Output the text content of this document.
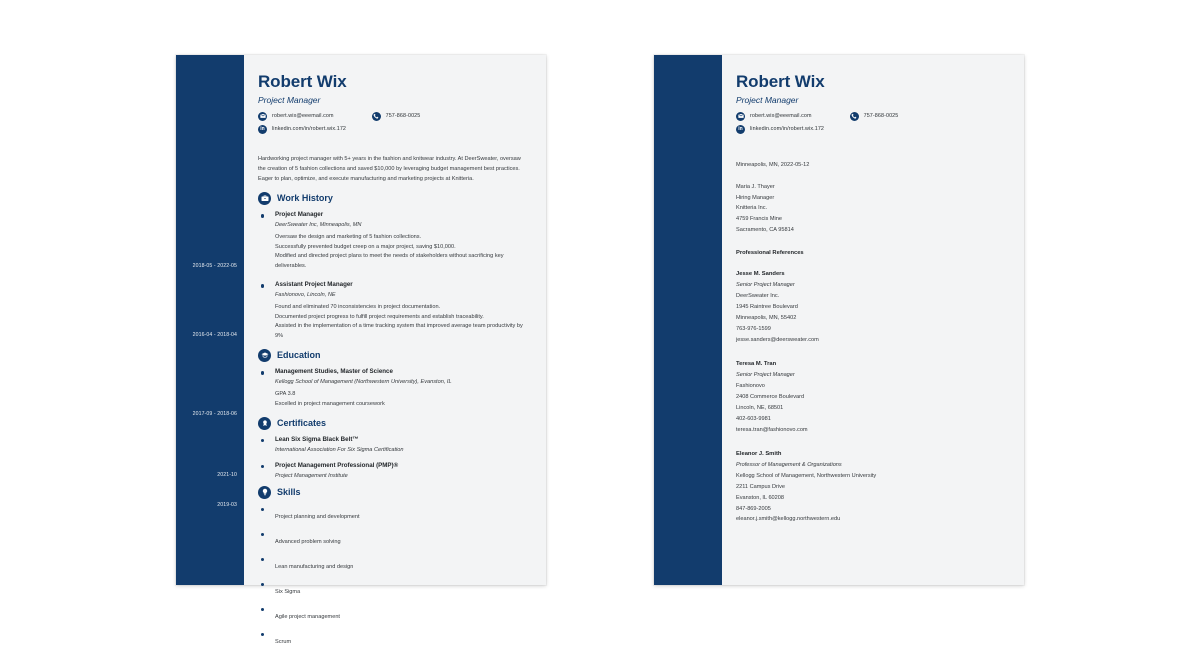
2018-05 - 2022-05
2016-04 - 2018-04
2017-09 - 2018-06
2021-10
2019-03
Robert Wix
Project Manager
robert.wix@eeemail.com	757-868-0025
in linkedin.com/in/robert.wix.172
Hardworking project manager with 5+ years in the fashion and knitwear industry. At DeerSweater, oversaw the creation of 5 fashion collections and saved $10,000 by leveraging budget management best practices. Eager to plan, optimize, and execute manufacturing and marketing projects at Knitteria.
Work History
Project Manager
DeerSweater Inc, Minneapolis, MN
Oversaw the design and marketing of 5 fashion collections.
Successfully prevented budget creep on a major project, saving $10,000.
Modified and directed project plans to meet the needs of stakeholders without sacrificing key deliverables.
Assistant Project Manager
Fashionovo, Lincoln, NE
Found and eliminated 70 inconsistencies in project documentation.
Documented project progress to fulfill project requirements and establish traceability.
Assisted in the implementation of a time tracking system that improved average team productivity by 9%
Education
Management Studies, Master of Science
Kellogg School of Management (Northwestern University), Evanston, IL
GPA 3.8
Excelled in project management coursework
Certificates
Lean Six Sigma Black Belt™
International Association For Six Sigma Certification
Project Management Professional (PMP)®
Project Management Institute
Skills
Project planning and development
Advanced problem solving
Lean manufacturing and design
Six Sigma
Agile project management
Scrum
Robert Wix
Project Manager
robert.wix@eeemail.com	757-868-0025
in linkedin.com/in/robert.wix.172
Minneapolis, MN, 2022-05-12
Maria J. Thayer
Hiring Manager
Knitteria Inc.
4759 Francis Mine
Sacramento, CA 95814
Professional References
Jesse M. Sanders
Senior Project Manager
DeerSweater Inc.
1945 Raintree Boulevard
Minneapolis, MN, 55402
763-976-1599
jesse.sanders@deersweater.com
Teresa M. Tran
Senior Project Manager
Fashionovo
2408 Commerce Boulevard
Lincoln, NE, 68501
402-603-9981
teresa.tran@fashionovo.com
Eleanor J. Smith
Professor of Management & Organizations
Kellogg School of Management, Northwestern University
2211 Campus Drive
Evanston, IL 60208
847-869-2005
eleanor.j.smith@kellogg.northwestern.edu
